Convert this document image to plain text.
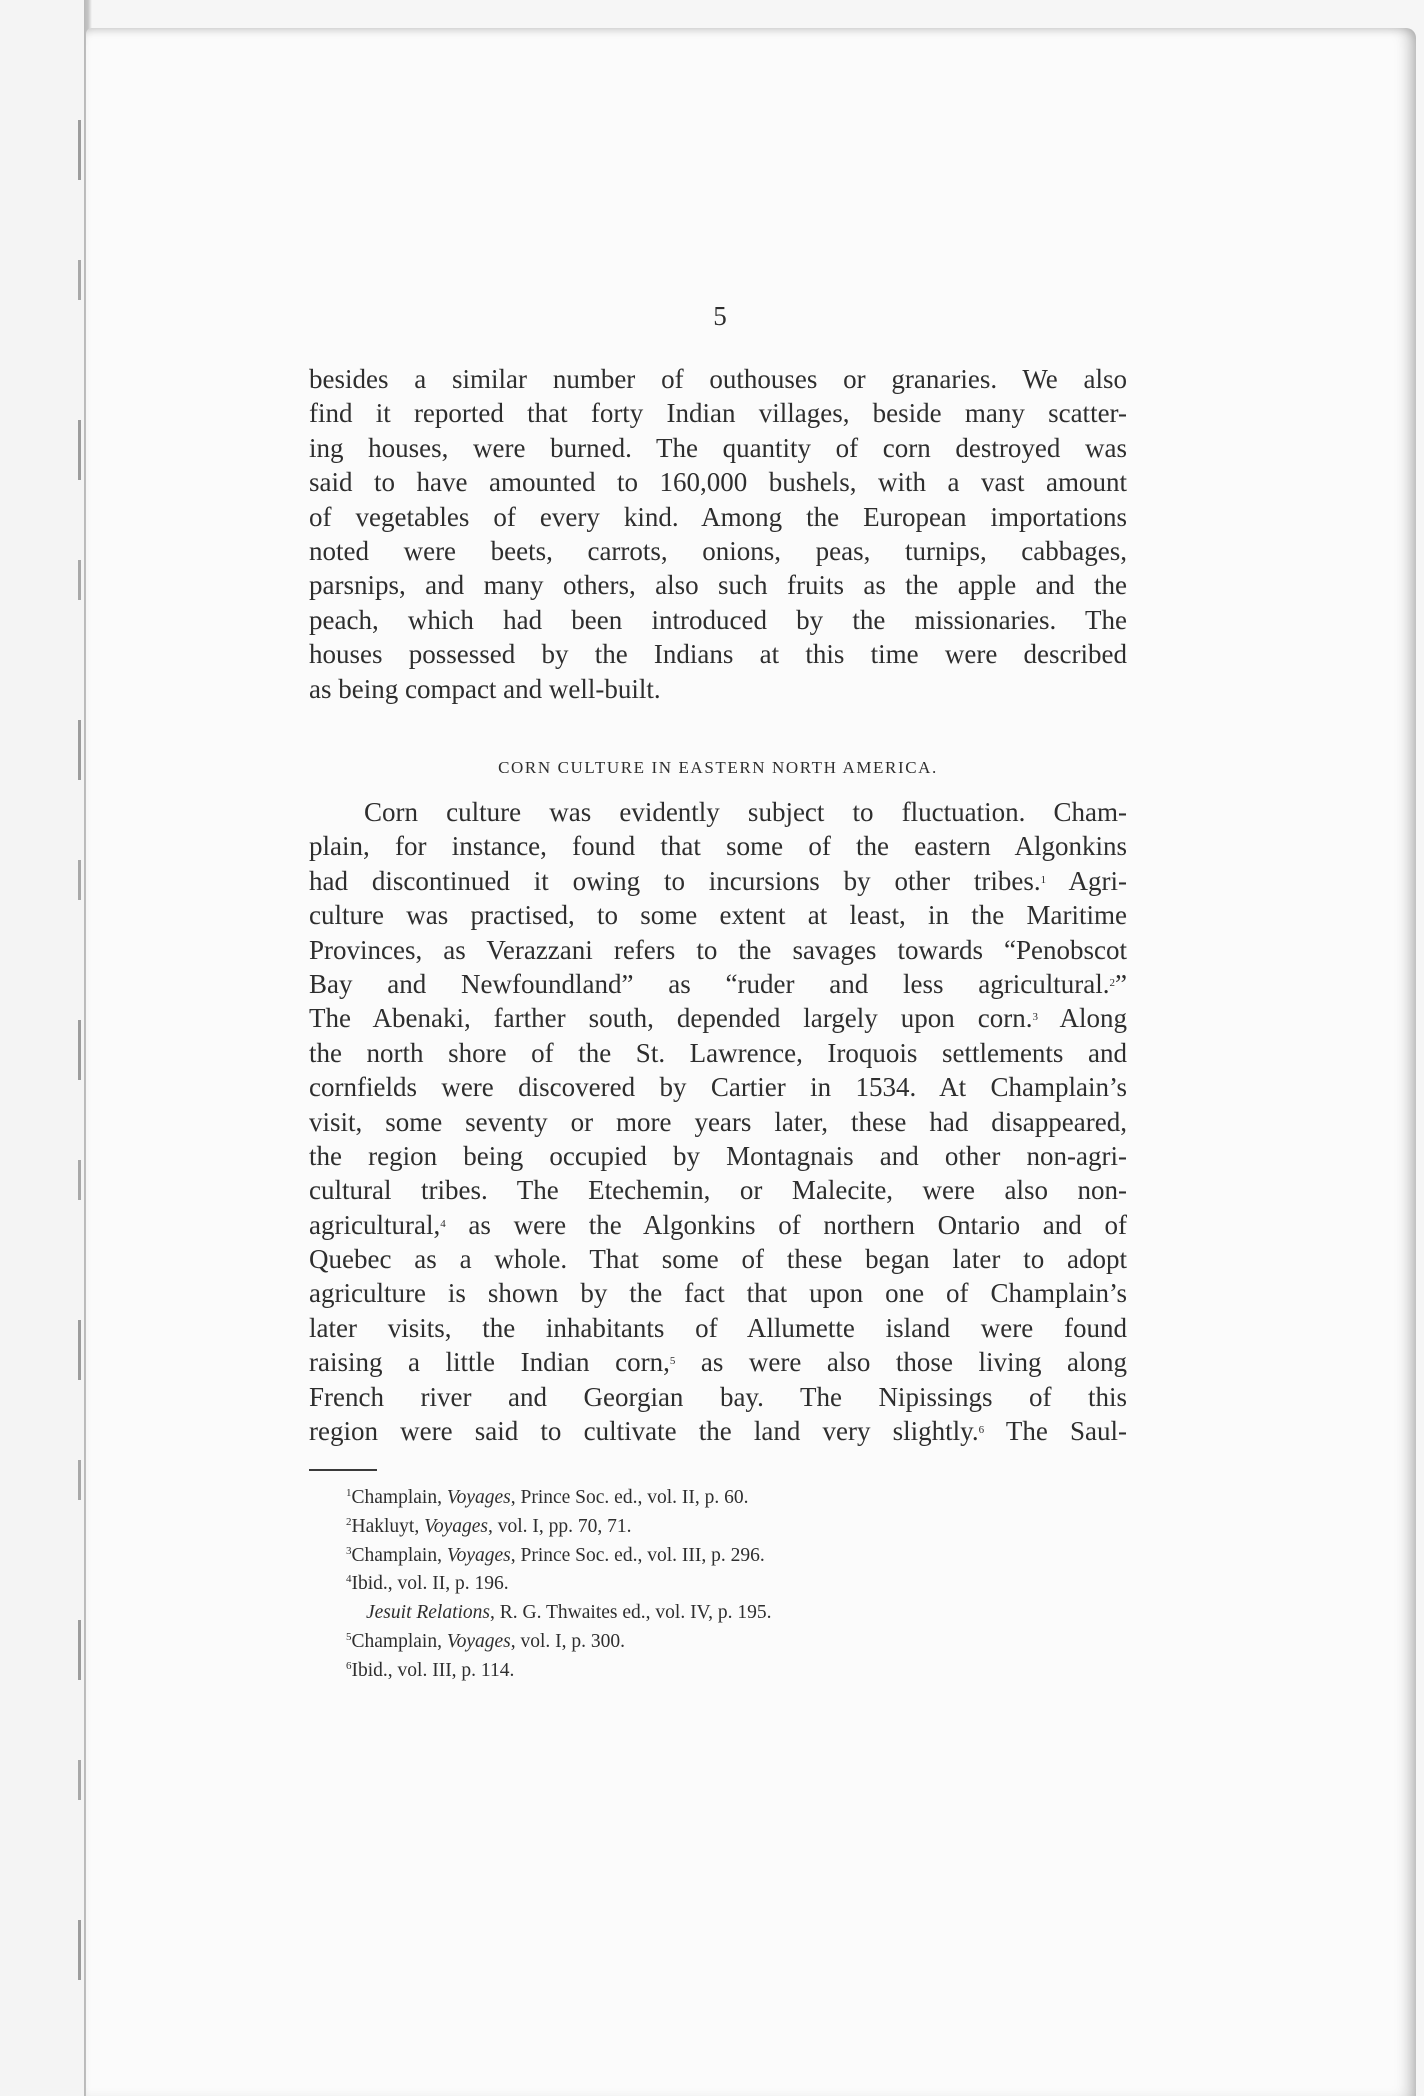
5
besides a similar number of outhouses or granaries. We also
find it reported that forty Indian villages, beside many scatter-
ing houses, were burned. The quantity of corn destroyed was
said to have amounted to 160,000 bushels, with a vast amount
of vegetables of every kind. Among the European importations
noted were beets, carrots, onions, peas, turnips, cabbages,
parsnips, and many others, also such fruits as the apple and the
peach, which had been introduced by the missionaries. The
houses possessed by the Indians at this time were described
as being compact and well-built.
CORN CULTURE IN EASTERN NORTH AMERICA.
Corn culture was evidently subject to fluctuation. Cham-
plain, for instance, found that some of the eastern Algonkins
had discontinued it owing to incursions by other tribes.$^1$ Agri-
culture was practised, to some extent at least, in the Maritime
Provinces, as Verazzani refers to the savages towards “Penobscot
Bay and Newfoundland” as “ruder and less agricultural.$^2$”
The Abenaki, farther south, depended largely upon corn.$^3$ Along
the north shore of the St. Lawrence, Iroquois settlements and
cornfields were discovered by Cartier in 1534. At Champlain’s
visit, some seventy or more years later, these had disappeared,
the region being occupied by Montagnais and other non-agri-
cultural tribes. The Etechemin, or Malecite, were also non-
agricultural,$^4$ as were the Algonkins of northern Ontario and of
Quebec as a whole. That some of these began later to adopt
agriculture is shown by the fact that upon one of Champlain’s
later visits, the inhabitants of Allumette island were found
raising a little Indian corn,$^5$ as were also those living along
French river and Georgian bay. The Nipissings of this
region were said to cultivate the land very slightly.$^6$ The Saul-
$^1$Champlain, Voyages, Prince Soc. ed., vol. II, p. 60.
$^2$Hakluyt, Voyages, vol. I, pp. 70, 71.
$^3$Champlain, Voyages, Prince Soc. ed., vol. III, p. 296.
$^4$Ibid., vol. II, p. 196.
Jesuit Relations, R. G. Thwaites ed., vol. IV, p. 195.
$^5$Champlain, Voyages, vol. I, p. 300.
$^6$Ibid., vol. III, p. 114.
